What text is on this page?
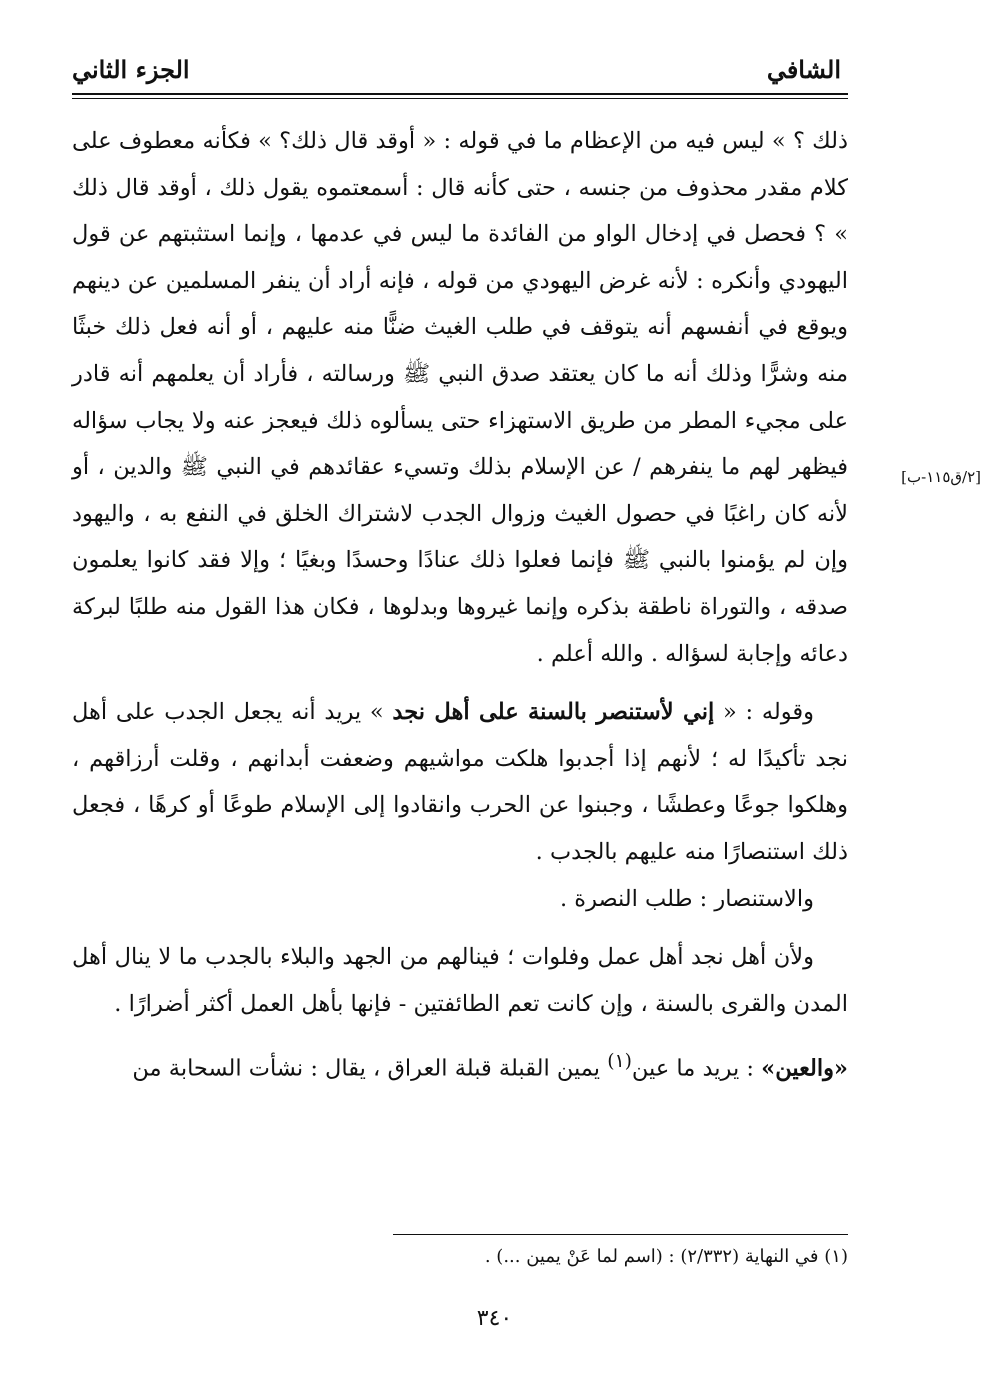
الشافي
الجزء الثاني
[٢/ق١١٥-ب]

ذلك ؟ » ليس فيه من الإعظام ما في قوله : « أوقد قال ذلك؟ » فكأنه معطوف على كلام مقدر محذوف من جنسه ، حتى كأنه قال : أسمعتموه يقول ذلك ، أوقد قال ذلك » ؟ فحصل في إدخال الواو من الفائدة ما ليس في عدمها ، وإنما استثبتهم عن قول اليهودي وأنكره : لأنه غرض اليهودي من قوله ، فإنه أراد أن ينفر المسلمين عن دينهم ويوقع في أنفسهم أنه يتوقف في طلب الغيث ضنًّا منه عليهم ، أو أنه فعل ذلك خبثًا منه وشرًّا وذلك أنه ما كان يعتقد صدق النبي ﷺ ورسالته ، فأراد أن يعلمهم أنه قادر على مجيء المطر من طريق الاستهزاء حتى يسألوه ذلك فيعجز عنه ولا يجاب سؤاله فيظهر لهم ما ينفرهم / عن الإسلام بذلك وتسيء عقائدهم في النبي ﷺ والدين ، أو لأنه كان راغبًا في حصول الغيث وزوال الجدب لاشتراك الخلق في النفع به ، واليهود وإن لم يؤمنوا بالنبي ﷺ فإنما فعلوا ذلك عنادًا وحسدًا وبغيًا ؛ وإلا فقد كانوا يعلمون صدقه ، والتوراة ناطقة بذكره وإنما غيروها وبدلوها ، فكان هذا القول منه طلبًا لبركة دعائه وإجابة لسؤاله . والله أعلم .

وقوله : « إني لأستنصر بالسنة على أهل نجد » يريد أنه يجعل الجدب على أهل نجد تأكيدًا له ؛ لأنهم إذا أجدبوا هلكت مواشيهم وضعفت أبدانهم ، وقلت أرزاقهم ، وهلكوا جوعًا وعطشًا ، وجبنوا عن الحرب وانقادوا إلى الإسلام طوعًا أو كرهًا ، فجعل ذلك استنصارًا منه عليهم بالجدب .

والاستنصار : طلب النصرة .

ولأن أهل نجد أهل عمل وفلوات ؛ فينالهم من الجهد والبلاء بالجدب ما لا ينال أهل المدن والقرى بالسنة ، وإن كانت تعم الطائفتين - فإنها بأهل العمل أكثر أضرارًا .

«والعين» : يريد ما عين$^{(١)}$ يمين القبلة قبلة العراق ، يقال : نشأت السحابة من

(١) في النهاية (٢/٣٣٢) : (اسم لما عَنْ يمين ...) .
٣٤٠
